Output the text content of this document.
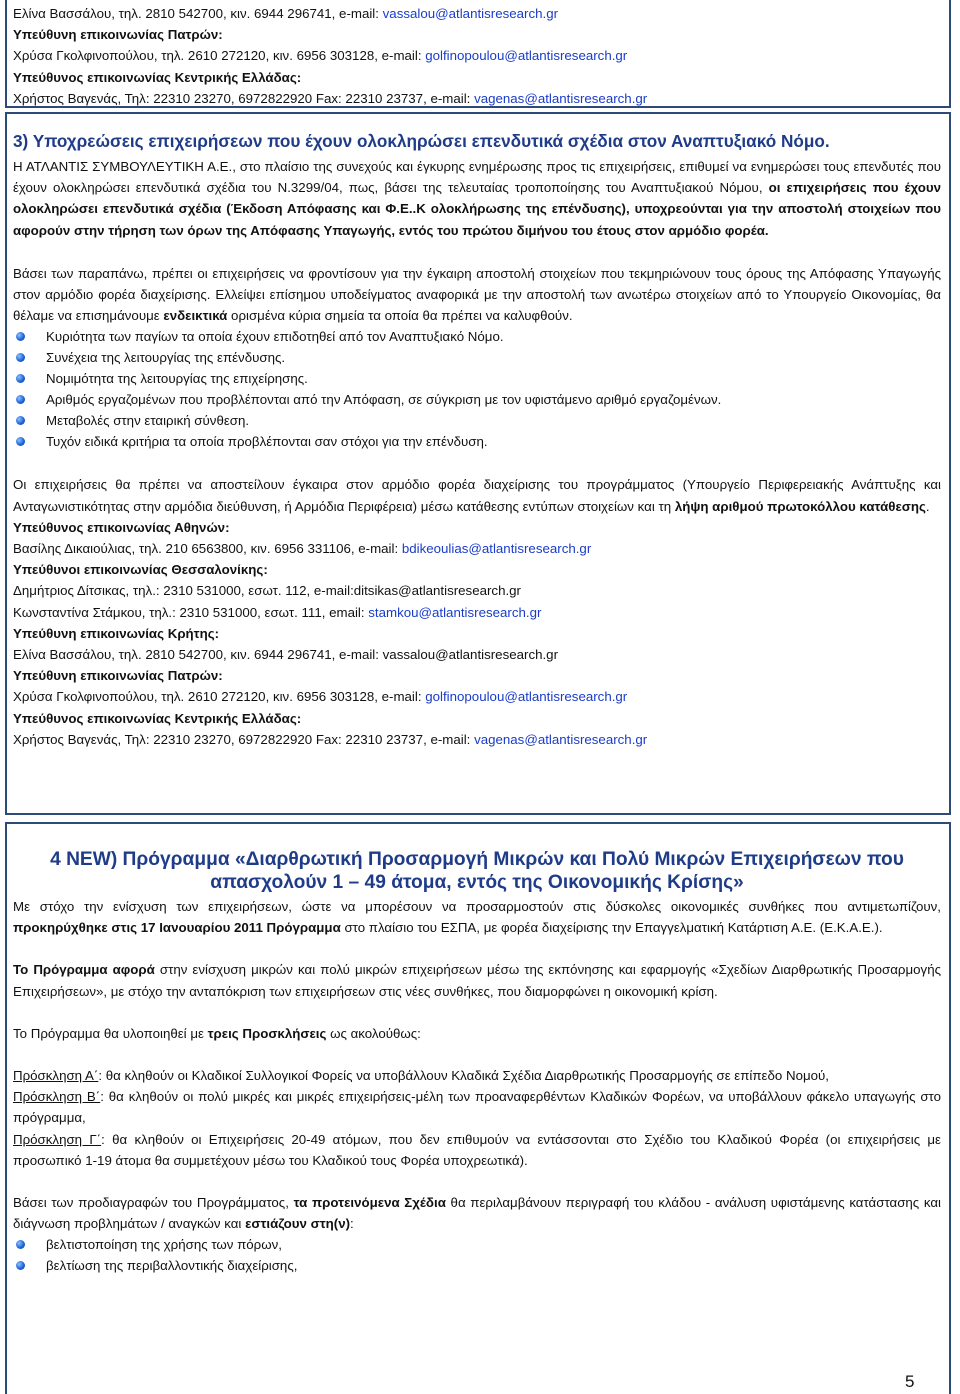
Ελίνα Βασσάλου, τηλ. 2810 542700, κιν. 6944 296741, e-mail: vassalou@atlantisresearch.gr

Υπεύθυνη επικοινωνίας Πατρών:

Χρύσα Γκολφινοπούλου, τηλ. 2610 272120, κιν. 6956 303128, e-mail: golfinopoulou@atlantisresearch.gr

Υπεύθυνος επικοινωνίας Κεντρικής Ελλάδας:

Χρήστος Βαγενάς, Τηλ: 22310 23270, 6972822920 Fax: 22310 23737, e-mail: vagenas@atlantisresearch.gr

3) Υποχρεώσεις επιχειρήσεων που έχουν ολοκληρώσει επενδυτικά σχέδια στον Αναπτυξιακό Νόμο.

Η ΑΤΛΑΝΤΙΣ ΣΥΜΒΟΥΛΕΥΤΙΚΗ Α.Ε., στο πλαίσιο της συνεχούς και έγκυρης ενημέρωσης προς τις επιχειρήσεις, επιθυμεί να ενημερώσει τους επενδυτές που έχουν ολοκληρώσει επενδυτικά σχέδια του Ν.3299/04, πως, βάσει της τελευταίας τροποποίησης του Αναπτυξιακού Νόμου, οι επιχειρήσεις που έχουν ολοκληρώσει επενδυτικά σχέδια (Έκδοση Απόφασης και Φ.Ε..Κ ολοκλήρωσης της επένδυσης), υποχρεούνται για την αποστολή στοιχείων που αφορούν στην τήρηση των όρων της Απόφασης Υπαγωγής, εντός του πρώτου διμήνου του έτους στον αρμόδιο φορέα.

Βάσει των παραπάνω, πρέπει οι επιχειρήσεις να φροντίσουν για την έγκαιρη αποστολή στοιχείων που τεκμηριώνουν τους όρους της Απόφασης Υπαγωγής στον αρμόδιο φορέα διαχείρισης. Ελλείψει επίσημου υποδείγματος αναφορικά με την αποστολή των ανωτέρω στοιχείων από το Υπουργείο Οικονομίας, θα θέλαμε να επισημάνουμε ενδεικτικά ορισμένα κύρια σημεία τα οποία θα πρέπει να καλυφθούν.

Κυριότητα των παγίων τα οποία έχουν επιδοτηθεί από τον Αναπτυξιακό Νόμο.
Συνέχεια της λειτουργίας της επένδυσης.
Νομιμότητα της λειτουργίας της επιχείρησης.
Αριθμός εργαζομένων που προβλέπονται από την Απόφαση, σε σύγκριση με τον υφιστάμενο αριθμό εργαζομένων.
Μεταβολές στην εταιρική σύνθεση.
Τυχόν ειδικά κριτήρια τα οποία προβλέπονται σαν στόχοι για την επένδυση.

Οι επιχειρήσεις θα πρέπει να αποστείλουν έγκαιρα στον αρμόδιο φορέα διαχείρισης του προγράμματος (Υπουργείο Περιφερειακής Ανάπτυξης και Ανταγωνιστικότητας στην αρμόδια διεύθυνση, ή Αρμόδια Περιφέρεια) μέσω κατάθεσης εντύπων στοιχείων και τη λήψη αριθμού πρωτοκόλλου κατάθεσης.

Υπεύθυνος επικοινωνίας Αθηνών:

Βασίλης Δικαιούλιας, τηλ. 210 6563800, κιν. 6956 331106, e-mail: bdikeoulias@atlantisresearch.gr

Υπεύθυνοι επικοινωνίας Θεσσαλονίκης:

Δημήτριος Δίτσικας, τηλ.: 2310 531000, εσωτ. 112, e-mail:ditsikas@atlantisresearch.gr

Κωνσταντίνα Στάμκου, τηλ.: 2310 531000, εσωτ. 111, email: stamkou@atlantisresearch.gr

Υπεύθυνη επικοινωνίας Κρήτης:

Ελίνα Βασσάλου, τηλ. 2810 542700, κιν. 6944 296741, e-mail: vassalou@atlantisresearch.gr

Υπεύθυνη επικοινωνίας Πατρών:

Χρύσα Γκολφινοπούλου, τηλ. 2610 272120, κιν. 6956 303128, e-mail: golfinopoulou@atlantisresearch.gr

Υπεύθυνος επικοινωνίας Κεντρικής Ελλάδας:

Χρήστος Βαγενάς, Τηλ: 22310 23270, 6972822920 Fax: 22310 23737, e-mail: vagenas@atlantisresearch.gr

4 NEW) Πρόγραμμα «Διαρθρωτική Προσαρμογή Μικρών και Πολύ Μικρών Επιχειρήσεων που απασχολούν 1 – 49 άτομα, εντός της Οικονομικής Κρίσης»

Με στόχο την ενίσχυση των επιχειρήσεων, ώστε να μπορέσουν να προσαρμοστούν στις δύσκολες οικονομικές συνθήκες που αντιμετωπίζουν, προκηρύχθηκε στις 17 Ιανουαρίου 2011 Πρόγραμμα στο πλαίσιο του ΕΣΠΑ, με φορέα διαχείρισης την Επαγγελματική Κατάρτιση Α.Ε. (Ε.Κ.Α.Ε.).

Το Πρόγραμμα αφορά στην ενίσχυση μικρών και πολύ μικρών επιχειρήσεων μέσω της εκπόνησης και εφαρμογής «Σχεδίων Διαρθρωτικής Προσαρμογής Επιχειρήσεων», με στόχο την ανταπόκριση των επιχειρήσεων στις νέες συνθήκες, που διαμορφώνει η οικονομική κρίση.

Το Πρόγραμμα θα υλοποιηθεί με τρεις Προσκλήσεις ως ακολούθως:

Πρόσκληση Α΄: θα κληθούν οι Κλαδικοί Συλλογικοί Φορείς να υποβάλλουν Κλαδικά Σχέδια Διαρθρωτικής Προσαρμογής σε επίπεδο Νομού,

Πρόσκληση Β΄: θα κληθούν οι πολύ μικρές και μικρές επιχειρήσεις-μέλη των προαναφερθέντων Κλαδικών Φορέων, να υποβάλλουν φάκελο υπαγωγής στο πρόγραμμα,

Πρόσκληση Γ΄: θα κληθούν οι Επιχειρήσεις 20-49 ατόμων, που δεν επιθυμούν να εντάσσονται στο Σχέδιο του Κλαδικού Φορέα (οι επιχειρήσεις με προσωπικό 1-19 άτομα θα συμμετέχουν μέσω του Κλαδικού τους Φορέα υποχρεωτικά).

Βάσει των προδιαγραφών του Προγράμματος, τα προτεινόμενα Σχέδια θα περιλαμβάνουν περιγραφή του κλάδου - ανάλυση υφιστάμενης κατάστασης και διάγνωση προβλημάτων / αναγκών και εστιάζουν στη(ν):

βελτιστοποίηση της χρήσης των πόρων,
βελτίωση της περιβαλλοντικής διαχείρισης,
5
